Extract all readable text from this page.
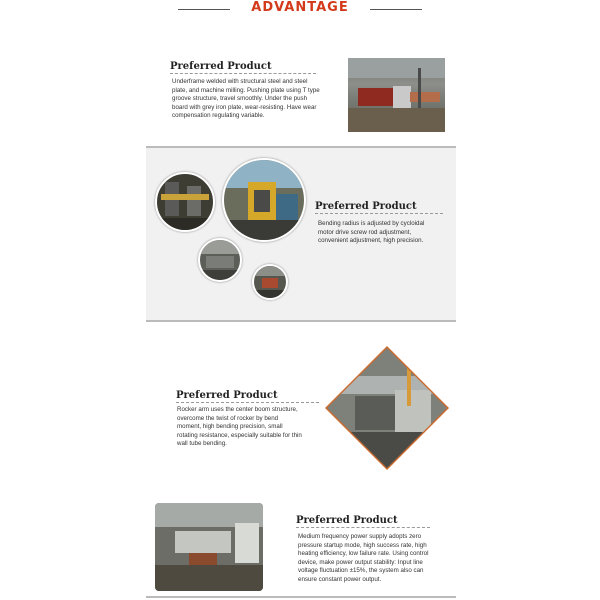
ADVANTAGE
Preferred Product
Underframe welded with structural steel and steel plate, and machine milling. Pushing plate using T type groove structure, travel smoothly. Under the push board with grey iron plate, wear-resisting. Have wear compensation regulating variable.
Preferred Product
Bending radius is adjusted by cycloidal motor drive screw rod adjustment, convenient adjustment, high precision.
Preferred Product
Rocker arm uses the center boom structure, overcome the twist of rocker by bend moment, high bending precision, small rotating resistance, especially suitable for thin wall tube bending.
Preferred Product
Medium frequency power supply adopts zero pressure startup mode, high success rate, high heating efficiency, low failure rate. Using control device, make power output stability: Input line voltage fluctuation ±15%, the system also can ensure constant power output.
